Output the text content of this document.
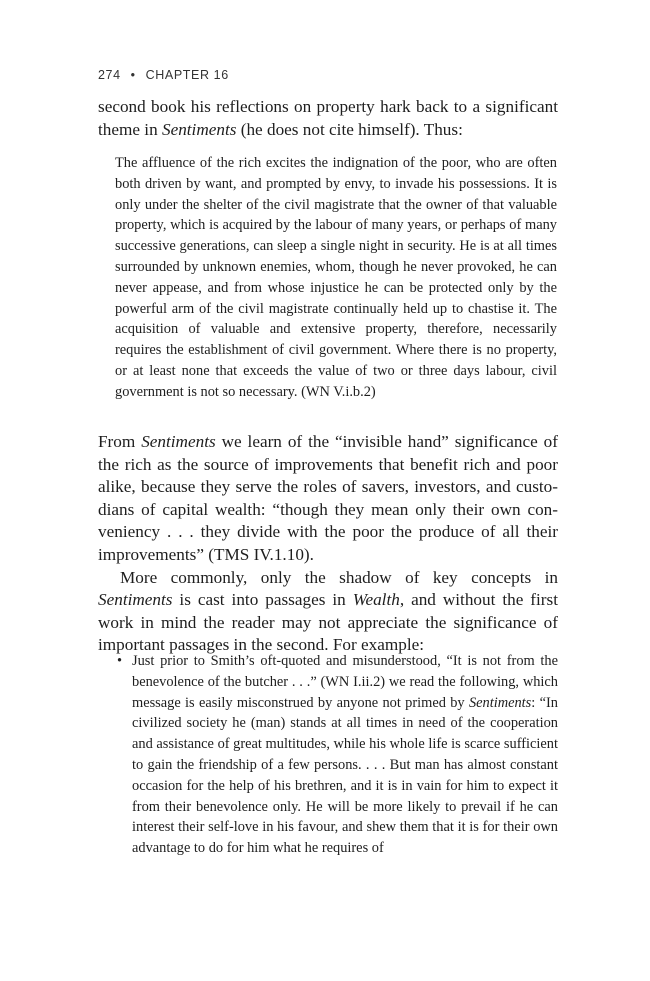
274 • CHAPTER 16

second book his reflections on property hark back to a significant theme in Sentiments (he does not cite himself). Thus:

The affluence of the rich excites the indignation of the poor, who are often both driven by want, and prompted by envy, to invade his possessions. It is only under the shelter of the civil magistrate that the owner of that valuable property, which is acquired by the labour of many years, or perhaps of many successive generations, can sleep a single night in security. He is at all times surrounded by unknown enemies, whom, though he never provoked, he can never appease, and from whose injustice he can be protected only by the powerful arm of the civil magistrate continually held up to chastise it. The acquisition of valuable and extensive property, therefore, necessarily requires the establishment of civil government. Where there is no property, or at least none that exceeds the value of two or three days labour, civil government is not so necessary. (WN V.i.b.2)

From Sentiments we learn of the “invisible hand” significance of the rich as the source of improvements that benefit rich and poor alike, because they serve the roles of savers, investors, and custodians of capital wealth: “though they mean only their own conveniency . . . they divide with the poor the produce of all their improvements” (TMS IV.1.10).

More commonly, only the shadow of key concepts in Sentiments is cast into passages in Wealth, and without the first work in mind the reader may not appreciate the significance of important passages in the second. For example:

• Just prior to Smith’s oft-quoted and misunderstood, “It is not from the benevolence of the butcher . . .” (WN I.ii.2) we read the following, which message is easily misconstrued by anyone not primed by Sentiments: “In civilized society he (man) stands at all times in need of the cooperation and assistance of great multitudes, while his whole life is scarce sufficient to gain the friendship of a few persons. . . . But man has almost constant occasion for the help of his brethren, and it is in vain for him to expect it from their benevolence only. He will be more likely to prevail if he can interest their self-love in his favour, and shew them that it is for their own advantage to do for him what he requires of
